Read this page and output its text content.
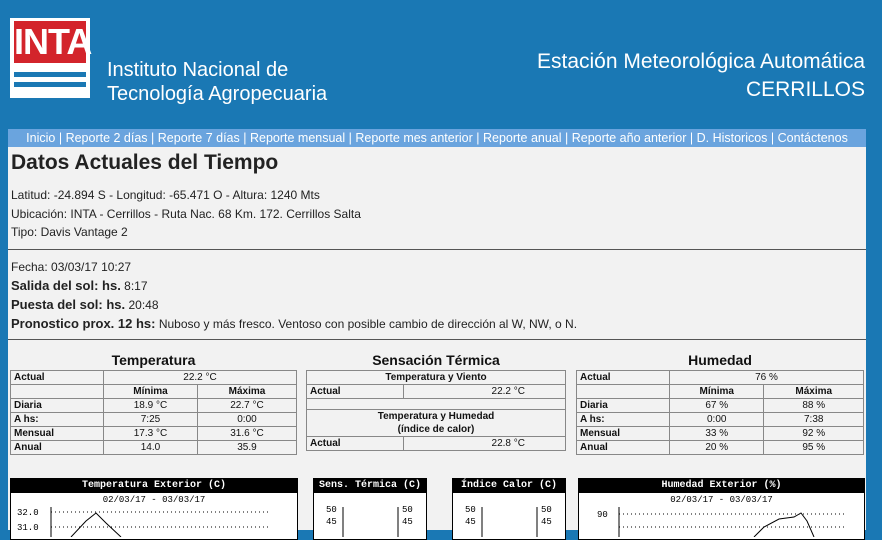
INTA
Instituto Nacional de
Tecnología Agropecuaria
Estación Meteorológica Automática
CERRILLOS
Inicio | Reporte 2 días | Reporte 7 días | Reporte mensual | Reporte mes anterior | Reporte anual | Reporte año anterior | D. Historicos | Contáctenos
Datos Actuales del Tiempo
Latitud: -24.894 S - Longitud: -65.471 O - Altura: 1240 Mts
Ubicación: INTA - Cerrillos - Ruta Nac. 68 Km. 172. Cerrillos Salta
Tipo: Davis Vantage 2
Fecha: 03/03/17 10:27
Salida del sol: hs. 8:17
Puesta del sol: hs. 20:48
Pronostico prox. 12 hs: Nuboso y más fresco. Ventoso con posible cambio de dirección al W, NW, o N.
Temperatura
Actual	22.2 °C	
	Mínima	Máxima
Diaria	18.9 °C	22.7 °C
A hs:	7:25	0:00
Mensual	17.3 °C	31.6 °C
Anual	14.0	35.9
Sensación Térmica
Temperatura y Viento	
Actual	22.2 °C

Temperatura y Humedad
(índice de calor)	

Actual	22.8 °C
Humedad
Actual	76 %	
	Mínima	Máxima
Diaria	67 %	88 %
A hs:	0:00	7:38
Mensual	33 %	92 %
Anual	20 %	95 %
Temperatura Exterior (C)
02/03/17 - 03/03/17
32.0
31.0
Sens. Térmica (C)
50
45
50
45
Índice Calor (C)
50
45
50
45
Humedad Exterior (%)
02/03/17 - 03/03/17
90
